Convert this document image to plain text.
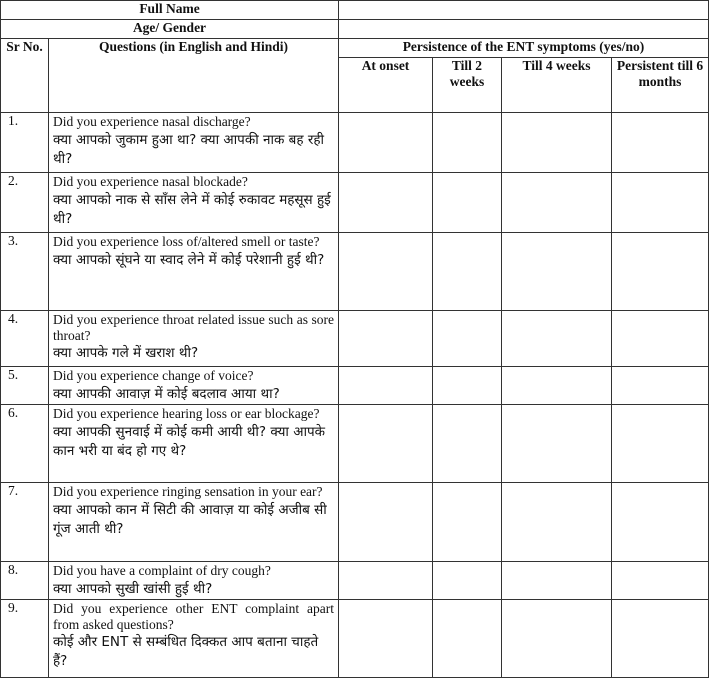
Full Name					
Age/ Gender					
Sr No.	Questions (in English and Hindi)	Persistence of the ENT symptoms (yes/no)			
		At onset	Till 2 weeks	Till 4 weeks	Persistent till 6 months
1.	Did you experience nasal discharge?
क्या आपको जुकाम हुआ था? क्या आपकी नाक बह रही थी?				

2.	Did you experience nasal blockade?
क्या आपको नाक से साँस लेने में कोई रुकावट महसूस हुई थी?				

3.	Did you experience loss of/altered smell or taste?
क्या आपको सूंघने या स्वाद लेने में कोई परेशानी हुई थी?				

4.	Did you experience throat related issue such as sore throat?
क्या आपके गले में खराश थी?				

5.	Did you experience change of voice?
क्या आपकी आवाज़ में कोई बदलाव आया था?				

6.	Did you experience hearing loss or ear blockage?
क्या आपकी सुनवाई में कोई कमी आयी थी? क्या आपके कान भरी या बंद हो गए थे?				

7.	Did you experience ringing sensation in your ear?
क्या आपको कान में सिटी की आवाज़ या कोई अजीब सी गूंज आती थी?				

8.	Did you have a complaint of dry cough?
क्या आपको सुखी खांसी हुई थी?				

9.	Did you experience other ENT complaint apart from asked questions?
कोई और ENT से सम्बंधित दिक्कत आप बताना चाहते हैं?				
